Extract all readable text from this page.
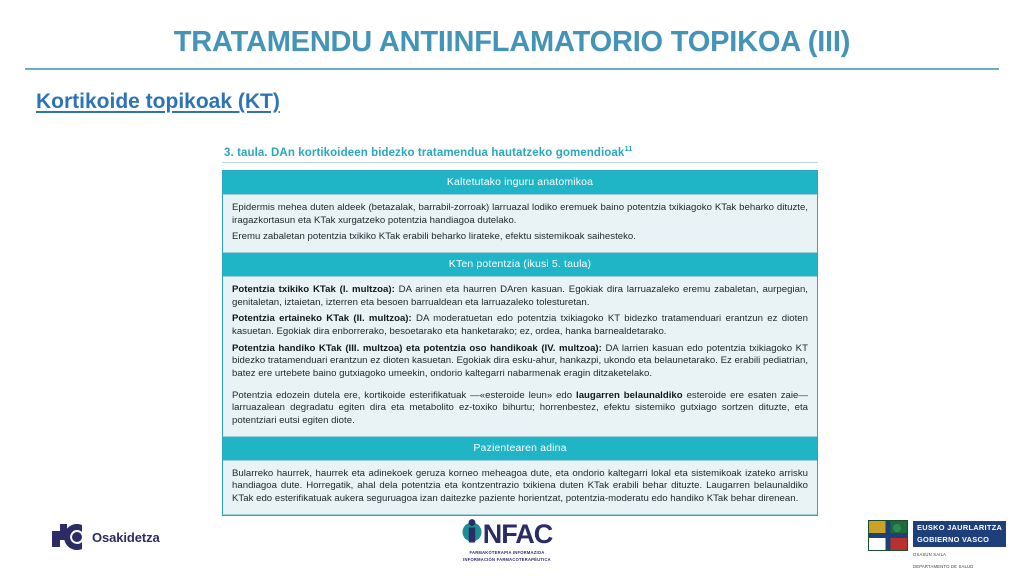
TRATAMENDU ANTIINFLAMATORIO TOPIKOA (III)
Kortikoide topikoak (KT)
3. taula. DAn kortikoideen bidezko tratamendua hautatzeko gomendioak$^{11}$
Kaltetutako inguru anatomikoa

Epidermis mehea duten aldeek (betazalak, barrabil-zorroak) larruazal lodiko eremuek baino potentzia txikiagoko KTak beharko dituzte, iragazkortasun eta KTak xurgatzeko potentzia handiagoa dutelako.

Eremu zabaletan potentzia txikiko KTak erabili beharko lirateke, efektu sistemikoak saihesteko.

KTen potentzia (ikusi 5. taula)

Potentzia txikiko KTak (I. multzoa): DA arinen eta haurren DAren kasuan. Egokiak dira larruazaleko eremu zabaletan, aurpegian, genitaletan, iztaietan, izterren eta besoen barrualdean eta larruazaleko tolesturetan.

Potentzia ertaineko KTak (II. multzoa): DA moderatuetan edo potentzia txikiagoko KT bidezko tratamenduari erantzun ez dioten kasuetan. Egokiak dira enborrerako, besoetarako eta hanketarako; ez, ordea, hanka barnealdetarako.

Potentzia handiko KTak (III. multzoa) eta potentzia oso handikoak (IV. multzoa): DA larrien kasuan edo potentzia txikiagoko KT bidezko tratamenduari erantzun ez dioten kasuetan. Egokiak dira esku-ahur, hankazpi, ukondo eta belaunetarako. Ez erabili pediatrian, batez ere urtebete baino gutxiagoko umeekin, ondorio kaltegarri nabarmenak eragin ditzaketelako.

Potentzia edozein dutela ere, kortikoide esterifikatuak —«esteroide leun» edo laugarren belaunaldiko esteroide ere esaten zaie— larruazalean degradatu egiten dira eta metabolito ez-toxiko bihurtu; horrenbestez, efektu sistemiko gutxiago sortzen dituzte, eta potentziari eutsi egiten diote.

Pazientearen adina

Bularreko haurrek, haurrek eta adinekoek geruza korneo meheagoa dute, eta ondorio kaltegarri lokal eta sistemikoak izateko arrisku handiagoa dute. Horregatik, ahal dela potentzia eta kontzentrazio txikiena duten KTak erabili behar dituzte. Laugarren belaunaldiko KTak edo esterifikatuak aukera seguruagoa izan daitezke paziente horientzat, potentzia-moderatu edo handiko KTak behar direnean.

Osakidetza	NFAC
FARMAKOTERAPIA INFORMAZIOA
INFORMACIÓN FARMACOTERAPÉUTICA
EUSKO JAURLARITZA
GOBIERNO VASCO
OSASUN SAILA
DEPARTAMENTO DE SALUD
